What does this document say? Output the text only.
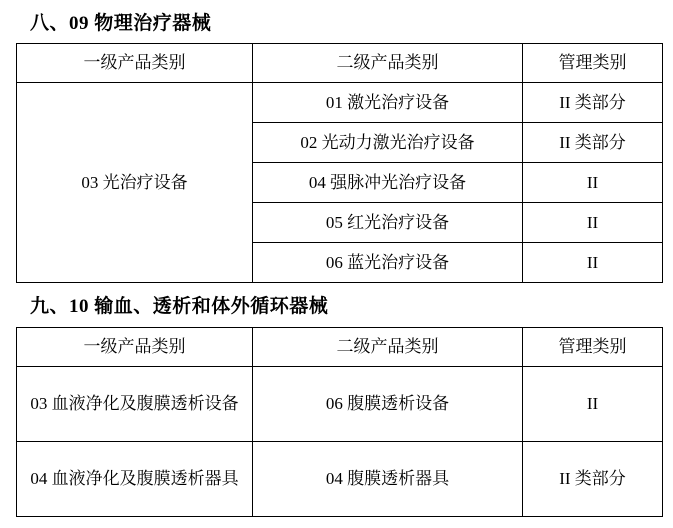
八、09 物理治疗器械
一级产品类别	二级产品类别	管理类别
03 光治疗设备	01 激光治疗设备	II 类部分
	02 光动力激光治疗设备	II 类部分
	04 强脉冲光治疗设备	II
	05 红光治疗设备	II
	06 蓝光治疗设备	II
九、10 输血、透析和体外循环器械
一级产品类别	二级产品类别	管理类别
03 血液净化及腹膜透析设备	06 腹膜透析设备	II
04 血液净化及腹膜透析器具	04 腹膜透析器具	II 类部分
